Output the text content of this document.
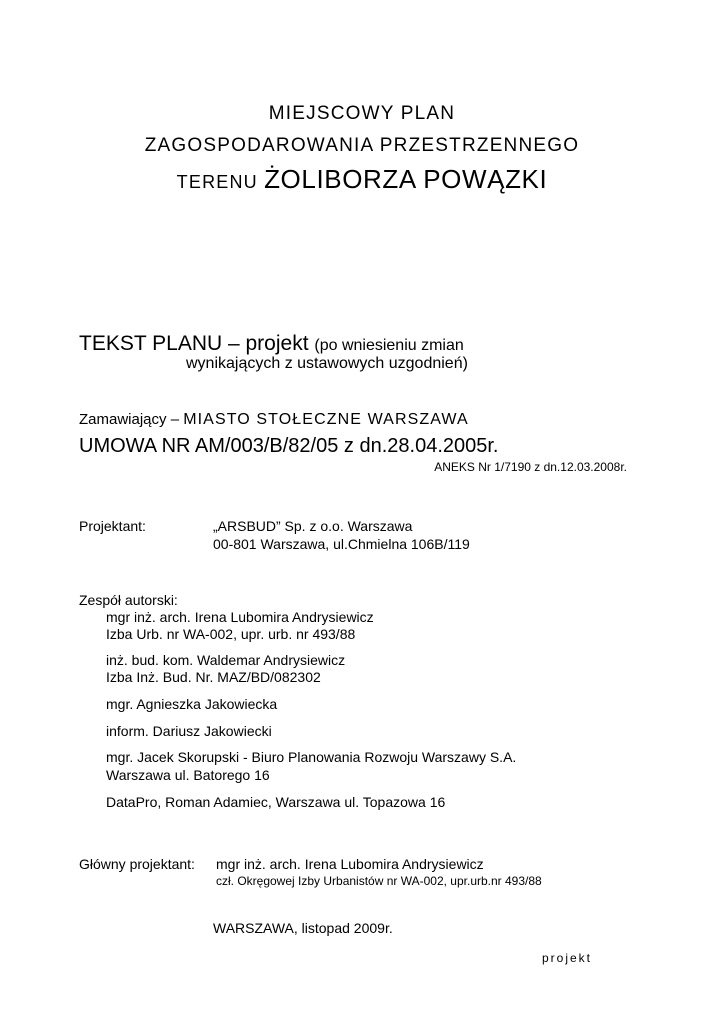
MIEJSCOWY PLAN
ZAGOSPODAROWANIA PRZESTRZENNEGO
TERENU ŻOLIBORZA POWĄZKI
TEKST PLANU – projekt (po wniesieniu zmian
wynikających z ustawowych uzgodnień)
Zamawiający – MIASTO STOŁECZNE WARSZAWA
UMOWA NR AM/003/B/82/05 z dn.28.04.2005r.
ANEKS Nr 1/7190 z dn.12.03.2008r.
Projektant:	„ARSBUD” Sp. z o.o. Warszawa
00-801 Warszawa, ul.Chmielna 106B/119
Zespół autorski:
mgr inż. arch. Irena Lubomira Andrysiewicz
Izba Urb. nr WA-002, upr. urb. nr 493/88
inż. bud. kom. Waldemar Andrysiewicz
Izba Inż. Bud. Nr. MAZ/BD/082302
mgr. Agnieszka Jakowiecka
inform. Dariusz Jakowiecki
mgr. Jacek Skorupski - Biuro Planowania Rozwoju Warszawy S.A.
Warszawa ul. Batorego 16
DataPro, Roman Adamiec, Warszawa ul. Topazowa 16
Główny projektant: mgr inż. arch. Irena Lubomira Andrysiewicz
czł. Okręgowej Izby Urbanistów nr WA-002, upr.urb.nr 493/88
WARSZAWA, listopad 2009r.
projekt
